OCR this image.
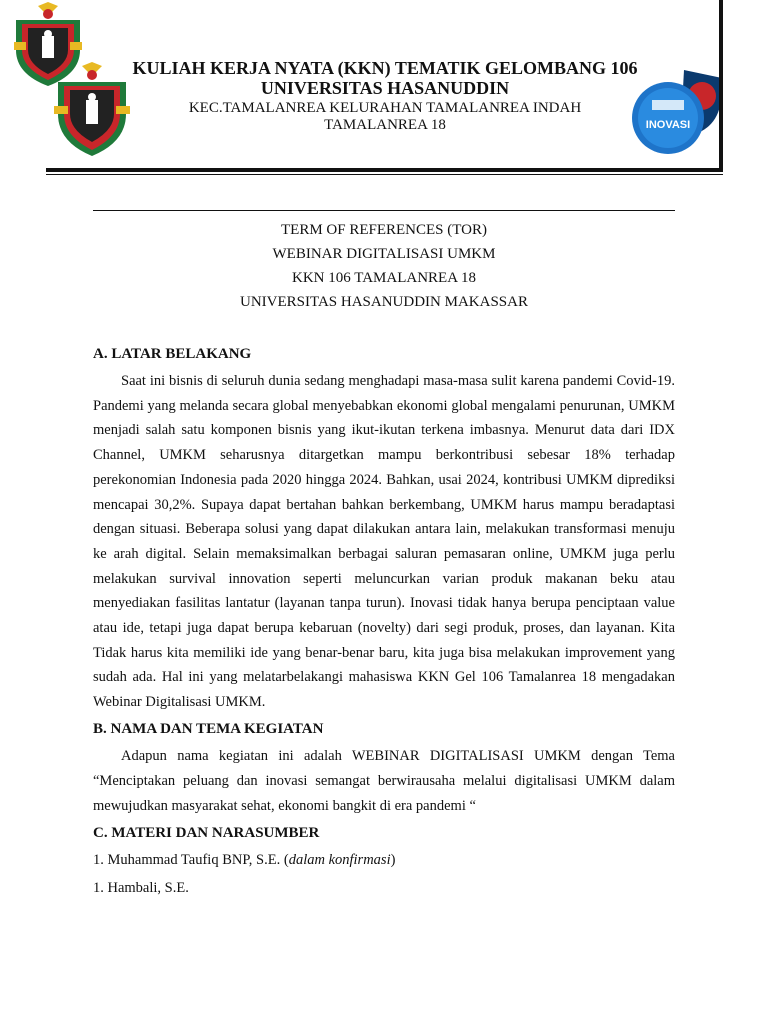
INOVASI

KULIAH KERJA NYATA (KKN) TEMATIK GELOMBANG 106

UNIVERSITAS HASANUDDIN

KEC.TAMALANREA KELURAHAN TAMALANREA INDAH

TAMALANREA 18

TERM OF REFERENCES (TOR)

WEBINAR DIGITALISASI UMKM

KKN 106 TAMALANREA 18

UNIVERSITAS HASANUDDIN MAKASSAR

A. LATAR BELAKANG

Saat ini bisnis di seluruh dunia sedang menghadapi masa-masa sulit karena pandemi Covid-19. Pandemi yang melanda secara global menyebabkan ekonomi global mengalami penurunan, UMKM menjadi salah satu komponen bisnis yang ikut-ikutan terkena imbasnya. Menurut data dari IDX Channel, UMKM seharusnya ditargetkan mampu berkontribusi sebesar 18% terhadap perekonomian Indonesia pada 2020 hingga 2024. Bahkan, usai 2024, kontribusi UMKM diprediksi mencapai 30,2%. Supaya dapat bertahan bahkan berkembang, UMKM harus mampu beradaptasi dengan situasi. Beberapa solusi yang dapat dilakukan antara lain, melakukan transformasi menuju ke arah digital. Selain memaksimalkan berbagai saluran pemasaran online, UMKM juga perlu melakukan survival innovation seperti meluncurkan varian produk makanan beku atau menyediakan fasilitas lantatur (layanan tanpa turun). Inovasi tidak hanya berupa penciptaan value atau ide, tetapi juga dapat berupa kebaruan (novelty) dari segi produk, proses, dan layanan. Kita Tidak harus kita memiliki ide yang benar-benar baru, kita juga bisa melakukan improvement yang sudah ada. Hal ini yang melatarbelakangi mahasiswa KKN Gel 106 Tamalanrea 18 mengadakan Webinar Digitalisasi UMKM.

B. NAMA DAN TEMA KEGIATAN

Adapun nama kegiatan ini adalah WEBINAR DIGITALISASI UMKM dengan Tema “Menciptakan peluang dan inovasi semangat berwirausaha melalui digitalisasi UMKM dalam mewujudkan masyarakat sehat, ekonomi bangkit di era pandemi “

C. MATERI DAN NARASUMBER

1. Muhammad Taufiq BNP, S.E. (dalam konfirmasi)

1. Hambali, S.E.
